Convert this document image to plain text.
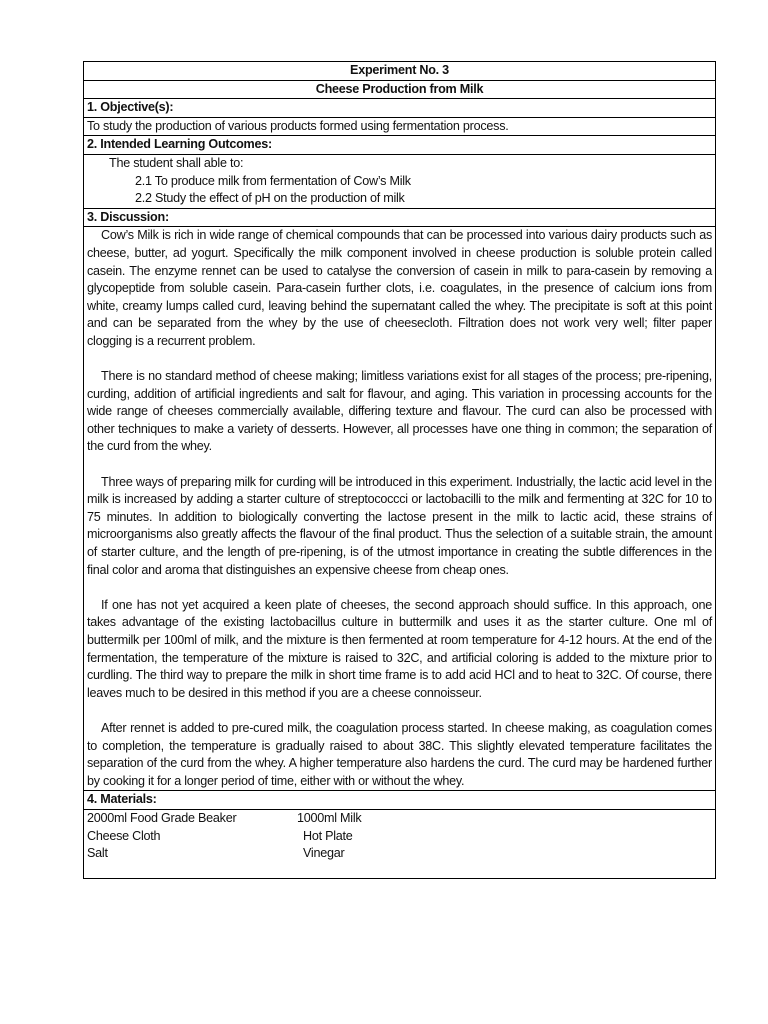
Experiment No. 3
Cheese Production from Milk
1. Objective(s):
To study the production of various products formed using fermentation process.
2. Intended Learning Outcomes:

The student shall able to:
2.1 To produce milk from fermentation of Cow’s Milk
2.2 Study the effect of pH on the production of milk

3. Discussion:

Cow’s Milk is rich in wide range of chemical compounds that can be processed into various dairy products such as cheese, butter, ad yogurt. Specifically the milk component involved in cheese production is soluble protein called casein. The enzyme rennet can be used to catalyse the conversion of casein in milk to para-casein by removing a glycopeptide from soluble casein. Para-casein further clots, i.e. coagulates, in the presence of calcium ions from white, creamy lumps called curd, leaving behind the supernatant called the whey. The precipitate is soft at this point and can be separated from the whey by the use of cheesecloth. Filtration does not work very well; filter paper clogging is a recurrent problem.

There is no standard method of cheese making; limitless variations exist for all stages of the process; pre-ripening, curding, addition of artificial ingredients and salt for flavour, and aging. This variation in processing accounts for the wide range of cheeses commercially available, differing texture and flavour. The curd can also be processed with other techniques to make a variety of desserts. However, all processes have one thing in common; the separation of the curd from the whey.

Three ways of preparing milk for curding will be introduced in this experiment. Industrially, the lactic acid level in the milk is increased by adding a starter culture of streptococcci or lactobacilli to the milk and fermenting at 32C for 10 to 75 minutes. In addition to biologically converting the lactose present in the milk to lactic acid, these strains of microorganisms also greatly affects the flavour of the final product. Thus the selection of a suitable strain, the amount of starter culture, and the length of pre-ripening, is of the utmost importance in creating the subtle differences in the final color and aroma that distinguishes an expensive cheese from cheap ones.

If one has not yet acquired a keen plate of cheeses, the second approach should suffice. In this approach, one takes advantage of the existing lactobacillus culture in buttermilk and uses it as the starter culture. One ml of buttermilk per 100ml of milk, and the mixture is then fermented at room temperature for 4-12 hours. At the end of the fermentation, the temperature of the mixture is raised to 32C, and artificial coloring is added to the mixture prior to curdling. The third way to prepare the milk in short time frame is to add acid HCl and to heat to 32C. Of course, there leaves much to be desired in this method if you are a cheese connoisseur.

After rennet is added to pre-cured milk, the coagulation process started. In cheese making, as coagulation comes to completion, the temperature is gradually raised to about 38C. This slightly elevated temperature facilitates the separation of the curd from the whey. A higher temperature also hardens the curd. The curd may be hardened further by cooking it for a longer period of time, either with or without the whey.

4. Materials:

2000ml Food Grade Beaker	1000ml Milk
Cheese Cloth	Hot Plate
Salt	Vinegar
